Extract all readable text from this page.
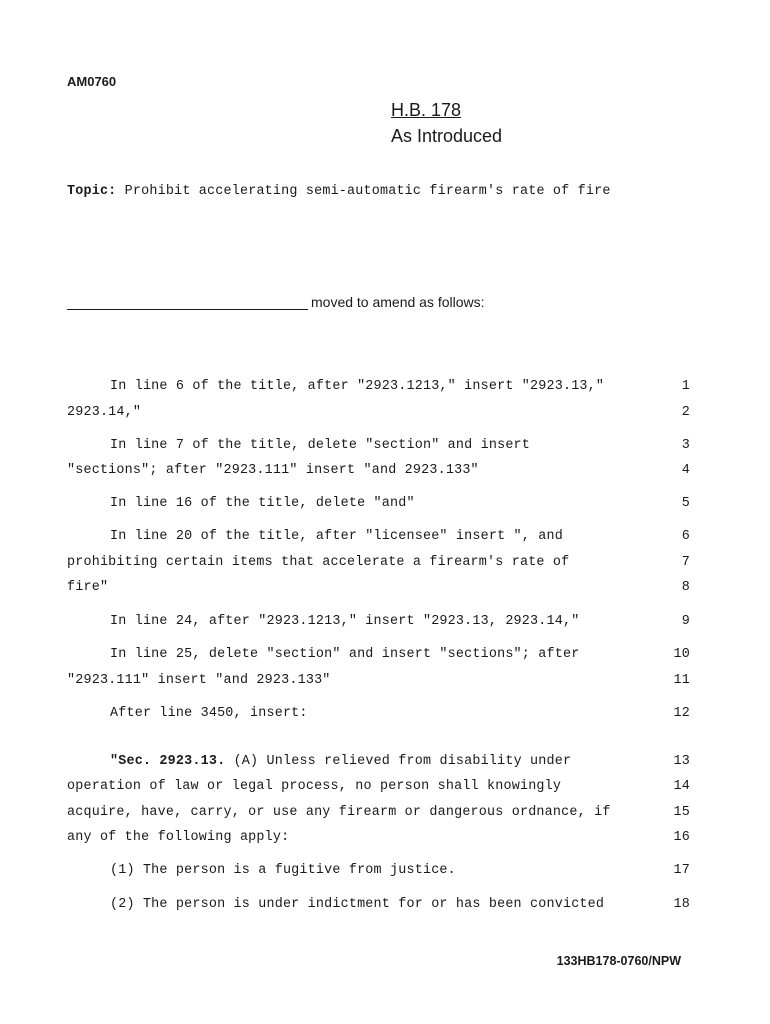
AM0760
H.B. 178
As Introduced
Topic: Prohibit accelerating semi-automatic firearm's rate of fire
moved to amend as follows:
In line 6 of the title, after "2923.1213," insert "2923.13,"	1
2923.14,"	2
In line 7 of the title, delete "section" and insert	3
"sections"; after "2923.111" insert "and 2923.133"	4
In line 16 of the title, delete "and"	5
In line 20 of the title, after "licensee" insert ", and	6
prohibiting certain items that accelerate a firearm's rate of	7
fire"	8
In line 24, after "2923.1213," insert "2923.13, 2923.14,"	9
In line 25, delete "section" and insert "sections"; after	10
"2923.111" insert "and 2923.133"	11
After line 3450, insert:	12
"Sec. 2923.13. (A) Unless relieved from disability under	13
operation of law or legal process, no person shall knowingly	14
acquire, have, carry, or use any firearm or dangerous ordnance, if	15
any of the following apply:	16
(1) The person is a fugitive from justice.	17
(2) The person is under indictment for or has been convicted	18
133HB178-0760/NPW
